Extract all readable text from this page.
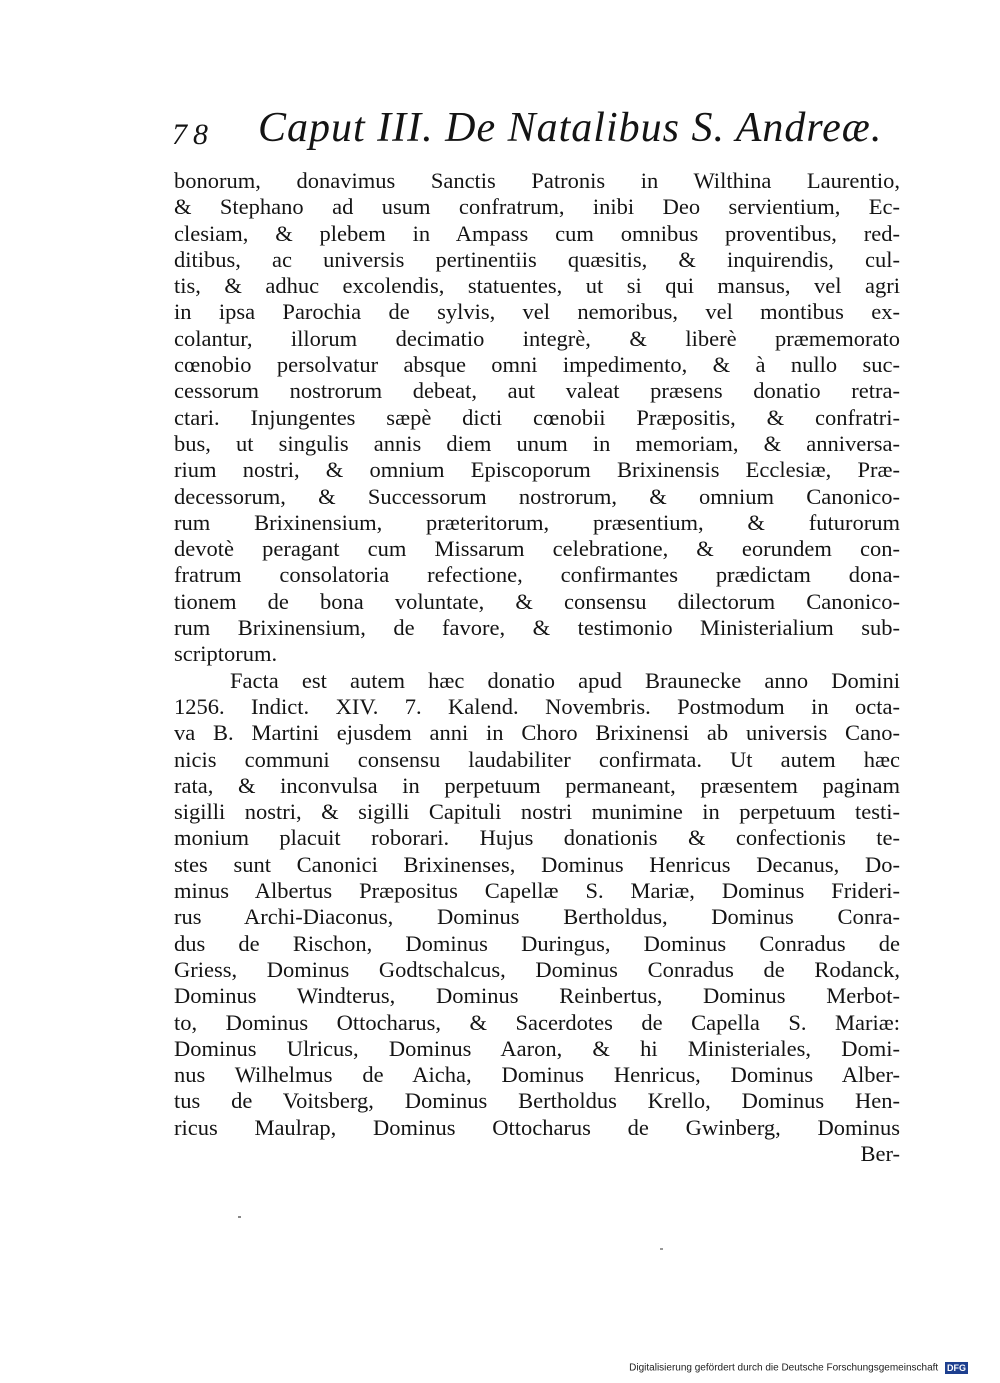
78 Caput III. De Natalibus S. Andreæ.
bonorum, donavimus Sanctis Patronis in Wilthina Laurentio,
& Stephano ad usum confratrum, inibi Deo servientium, Ec-
clesiam, & plebem in Ampass cum omnibus proventibus, red-
ditibus, ac universis pertinentiis quæsitis, & inquirendis, cul-
tis, & adhuc excolendis, statuentes, ut si qui mansus, vel agri
in ipsa Parochia de sylvis, vel nemoribus, vel montibus ex-
colantur, illorum decimatio integrè, & liberè præmemorato
cœnobio persolvatur absque omni impedimento, & à nullo suc-
cessorum nostrorum debeat, aut valeat præsens donatio retra-
ctari. Injungentes sæpè dicti cœnobii Præpositis, & confratri-
bus, ut singulis annis diem unum in memoriam, & anniversa-
rium nostri, & omnium Episcoporum Brixinensis Ecclesiæ, Præ-
decessorum, & Successorum nostrorum, & omnium Canonico-
rum Brixinensium, præteritorum, præsentium, & futurorum
devotè peragant cum Missarum celebratione, & eorundem con-
fratrum consolatoria refectione, confirmantes prædictam dona-
tionem de bona voluntate, & consensu dilectorum Canonico-
rum Brixinensium, de favore, & testimonio Ministerialium sub-
scriptorum.
Facta est autem hæc donatio apud Braunecke anno Domini
1256. Indict. XIV. 7. Kalend. Novembris. Postmodum in octa-
va B. Martini ejusdem anni in Choro Brixinensi ab universis Cano-
nicis communi consensu laudabiliter confirmata. Ut autem hæc
rata, & inconvulsa in perpetuum permaneant, præsentem paginam
sigilli nostri, & sigilli Capituli nostri munimine in perpetuum testi-
monium placuit roborari. Hujus donationis & confectionis te-
stes sunt Canonici Brixinenses, Dominus Henricus Decanus, Do-
minus Albertus Præpositus Capellæ S. Mariæ, Dominus Frideri-
rus Archi-Diaconus, Dominus Bertholdus, Dominus Conra-
dus de Rischon, Dominus Duringus, Dominus Conradus de
Griess, Dominus Godtschalcus, Dominus Conradus de Rodanck,
Dominus Windterus, Dominus Reinbertus, Dominus Merbot-
to, Dominus Ottocharus, & Sacerdotes de Capella S. Mariæ:
Dominus Ulricus, Dominus Aaron, & hi Ministeriales, Domi-
nus Wilhelmus de Aicha, Dominus Henricus, Dominus Alber-
tus de Voitsberg, Dominus Bertholdus Krello, Dominus Hen-
ricus Maulrap, Dominus Ottocharus de Gwinberg, Dominus
Ber-
Digitalisierung gefördert durch die Deutsche Forschungsgemeinschaft DFG
